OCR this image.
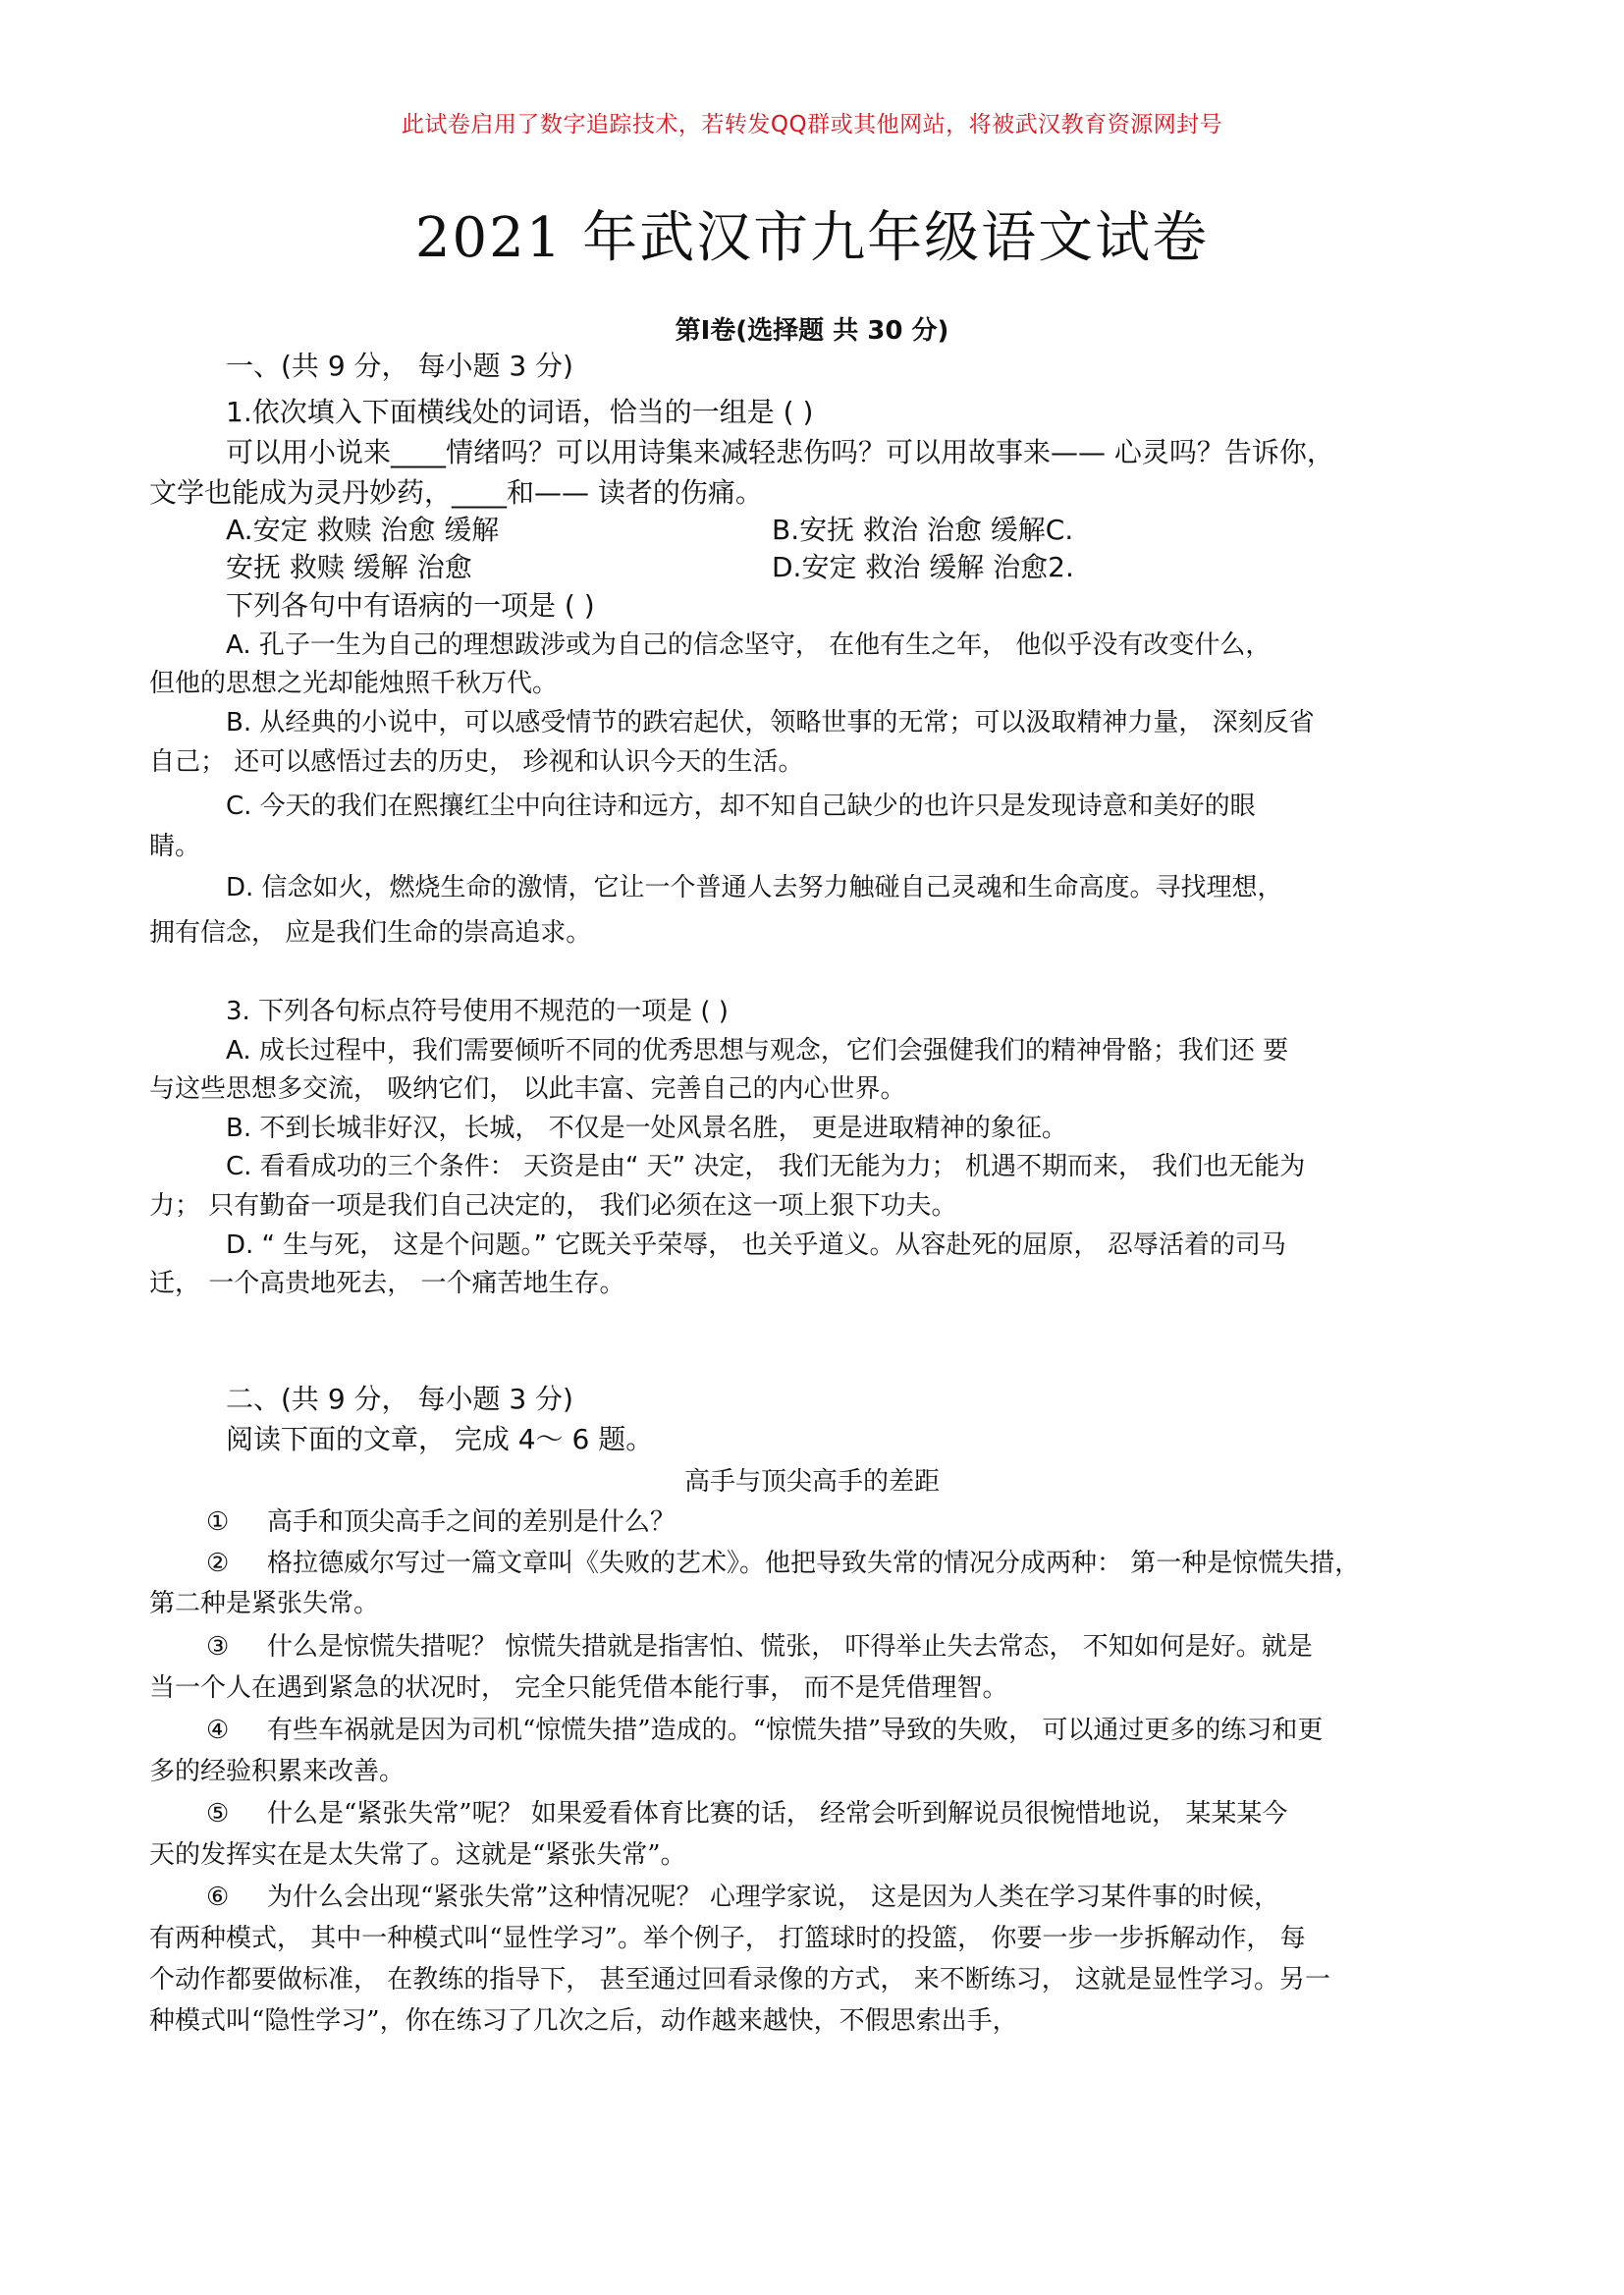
此试卷启用了数字追踪技术，若转发QQ群或其他网站，将被武汉教育资源网封号
2021 年武汉市九年级语文试卷
第Ⅰ卷(选择题 共 30 分)
一、(共 9 分， 每小题 3 分)
1.依次填入下面横线处的词语，恰当的一组是 ( )
可以用小说来____情绪吗？可以用诗集来减轻悲伤吗？可以用故事来—— 心灵吗？告诉你，
文学也能成为灵丹妙药，____和—— 读者的伤痛。
A.安定 救赎 治愈 缓解	B.安抚 救治 治愈 缓解C.
安抚 救赎 缓解 治愈	D.安定 救治 缓解 治愈2.
下列各句中有语病的一项是 ( )
A. 孔子一生为自己的理想跋涉或为自己的信念坚守， 在他有生之年， 他似乎没有改变什么，
但他的思想之光却能烛照千秋万代。
B. 从经典的小说中，可以感受情节的跌宕起伏，领略世事的无常；可以汲取精神力量， 深刻反省
自己； 还可以感悟过去的历史， 珍视和认识今天的生活。
C. 今天的我们在熙攘红尘中向往诗和远方，却不知自己缺少的也许只是发现诗意和美好的眼
睛。
D. 信念如火，燃烧生命的激情，它让一个普通人去努力触碰自己灵魂和生命高度。寻找理想，
拥有信念， 应是我们生命的崇高追求。
3. 下列各句标点符号使用不规范的一项是 ( )
A. 成长过程中，我们需要倾听不同的优秀思想与观念，它们会强健我们的精神骨骼；我们还 要
与这些思想多交流， 吸纳它们， 以此丰富、完善自己的内心世界。
B. 不到长城非好汉，长城， 不仅是一处风景名胜， 更是进取精神的象征。
C. 看看成功的三个条件： 天资是由“ 天” 决定， 我们无能为力； 机遇不期而来， 我们也无能为
力； 只有勤奋一项是我们自己决定的， 我们必须在这一项上狠下功夫。
D. “ 生与死， 这是个问题。” 它既关乎荣辱， 也关乎道义。从容赴死的屈原， 忍辱活着的司马
迁， 一个高贵地死去， 一个痛苦地生存。
二、(共 9 分， 每小题 3 分)
阅读下面的文章， 完成 4～ 6 题。
高手与顶尖高手的差距
① 高手和顶尖高手之间的差别是什么？
② 格拉德威尔写过一篇文章叫《失败的艺术》。他把导致失常的情况分成两种： 第一种是惊慌失措，
第二种是紧张失常。
③ 什么是惊慌失措呢？ 惊慌失措就是指害怕、慌张， 吓得举止失去常态， 不知如何是好。就是
当一个人在遇到紧急的状况时， 完全只能凭借本能行事， 而不是凭借理智。
④ 有些车祸就是因为司机“惊慌失措”造成的。“惊慌失措”导致的失败， 可以通过更多的练习和更
多的经验积累来改善。
⑤ 什么是“紧张失常”呢？ 如果爱看体育比赛的话， 经常会听到解说员很惋惜地说， 某某某今
天的发挥实在是太失常了。这就是“紧张失常”。
⑥ 为什么会出现“紧张失常”这种情况呢？ 心理学家说， 这是因为人类在学习某件事的时候，
有两种模式， 其中一种模式叫“显性学习”。举个例子， 打篮球时的投篮， 你要一步一步拆解动作， 每
个动作都要做标准， 在教练的指导下， 甚至通过回看录像的方式， 来不断练习， 这就是显性学习。另一
种模式叫“隐性学习”，你在练习了几次之后，动作越来越快，不假思索出手，
